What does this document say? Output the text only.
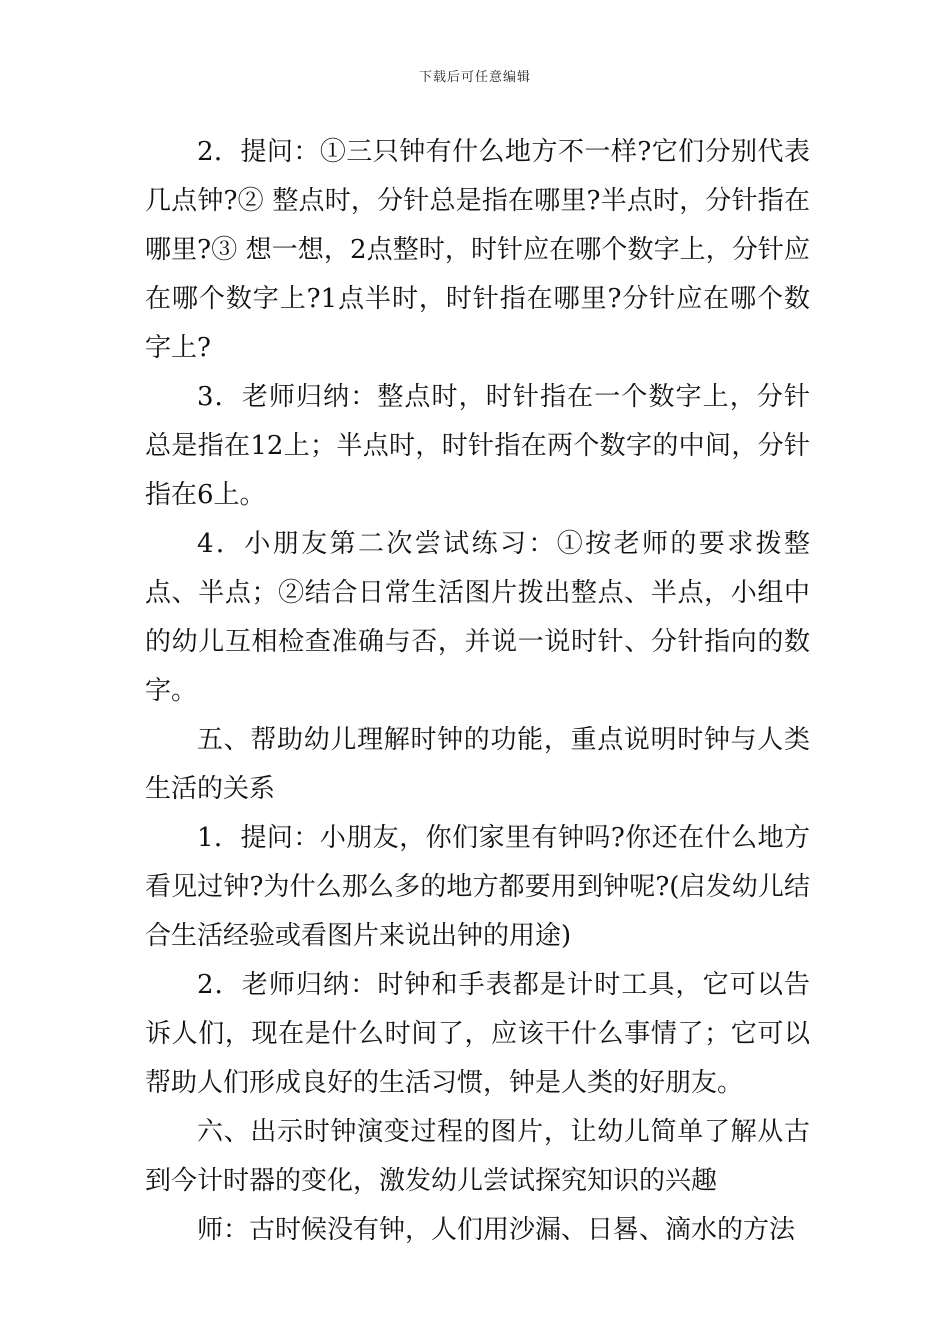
下载后可任意编辑

2．提问：①三只钟有什么地方不一样?它们分别代表几点钟?② 整点时，分针总是指在哪里?半点时，分针指在哪里?③ 想一想，2点整时，时针应在哪个数字上，分针应在哪个数字上?1点半时，时针指在哪里?分针应在哪个数字上?

3．老师归纳：整点时，时针指在一个数字上，分针总是指在12上；半点时，时针指在两个数字的中间，分针指在6上。

4．小朋友第二次尝试练习：①按老师的要求拨整点、半点；②结合日常生活图片拨出整点、半点，小组中的幼儿互相检查准确与否，并说一说时针、分针指向的数字。

五、帮助幼儿理解时钟的功能，重点说明时钟与人类生活的关系

1．提问：小朋友，你们家里有钟吗?你还在什么地方看见过钟?为什么那么多的地方都要用到钟呢?(启发幼儿结合生活经验或看图片来说出钟的用途)

2．老师归纳：时钟和手表都是计时工具，它可以告诉人们，现在是什么时间了，应该干什么事情了；它可以帮助人们形成良好的生活习惯，钟是人类的好朋友。

六、出示时钟演变过程的图片，让幼儿简单了解从古到今计时器的变化，激发幼儿尝试探究知识的兴趣

师：古时候没有钟，人们用沙漏、日晷、滴水的方法
